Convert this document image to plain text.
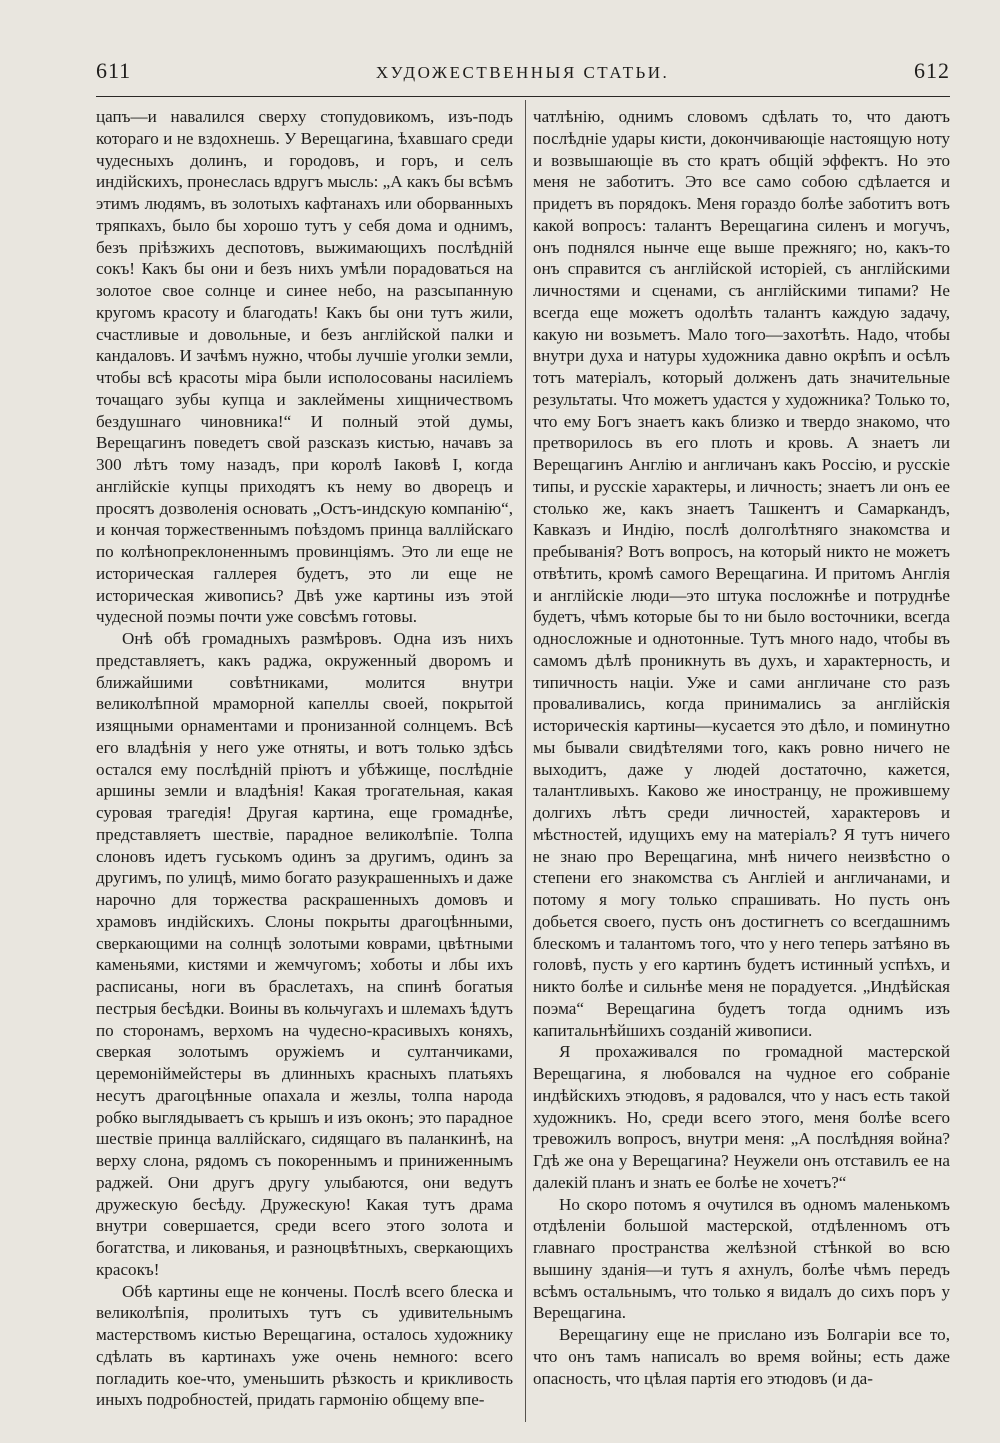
611	ХУДОЖЕСТВЕННЫЯ СТАТЬИ.	612

цапъ—и навалился сверху стопудовикомъ, изъ-подъ котораго и не вздохнешь. У Верещагина, ѣхавшаго среди чудесныхъ долинъ, и городовъ, и горъ, и селъ индійскихъ, пронеслась вдругъ мысль: „А какъ бы всѣмъ этимъ людямъ, въ золотыхъ кафтанахъ или оборванныхъ тряпкахъ, было бы хорошо тутъ у себя дома и однимъ, безъ прiѣзжихъ деспотовъ, выжимающихъ послѣднiй сокъ! Какъ бы они и безъ нихъ умѣли порадоваться на золотое свое солнце и синее небо, на разсыпанную кругомъ красоту и благодать! Какъ бы они тутъ жили, счастливые и довольные, и безъ англійской палки и кандаловъ. И зачѣмъ нужно, чтобы лучшіе уголки земли, чтобы всѣ красоты міра были исполосованы насиліемъ точащаго зубы купца и заклеймены хищничествомъ бездушнаго чиновника!“ И полный этой думы, Верещагинъ поведетъ свой разсказъ кистью, начавъ за 300 лѣтъ тому назадъ, при королѣ Іаковѣ I, когда англійскіе купцы приходятъ къ нему во дворецъ и просятъ дозволенія основать „Остъ-индскую компанію“, и кончая торжественнымъ поѣздомъ принца валлійскаго по колѣнопреклоненнымъ провинціямъ. Это ли еще не историческая галлерея будетъ, это ли еще не историческая живопись? Двѣ уже картины изъ этой чудесной поэмы почти уже совсѣмъ готовы.

Онѣ обѣ громадныхъ размѣровъ. Одна изъ нихъ представляетъ, какъ раджа, окруженный дворомъ и ближайшими совѣтниками, молится внутри великолѣпной мраморной капеллы своей, покрытой изящными орнаментами и пронизанной солнцемъ. Всѣ его владѣнія у него уже отняты, и вотъ только здѣсь остался ему послѣдній пріютъ и убѣжище, послѣдніе аршины земли и владѣнія! Какая трогательная, какая суровая трагедія! Другая картина, еще громаднѣе, представляетъ шествіе, парадное великолѣпіе. Толпа слоновъ идетъ гуськомъ одинъ за другимъ, одинъ за другимъ, по улицѣ, мимо богато разукрашенныхъ и даже нарочно для торжества раскрашенныхъ домовъ и храмовъ индійскихъ. Слоны покрыты драгоцѣнными, сверкающими на солнцѣ золотыми коврами, цвѣтными каменьями, кистями и жемчугомъ; хоботы и лбы ихъ расписаны, ноги въ браслетахъ, на спинѣ богатыя пестрыя бесѣдки. Воины въ кольчугахъ и шлемахъ ѣдутъ по сторонамъ, верхомъ на чудесно-красивыхъ коняхъ, сверкая золотымъ оружіемъ и султанчиками, церемоніймейстеры въ длинныхъ красныхъ платьяхъ несутъ драгоцѣнные опахала и жезлы, толпа народа робко выглядываетъ съ крышъ и изъ оконъ; это парадное шествіе принца валлійскаго, сидящаго въ паланкинѣ, на верху слона, рядомъ съ покореннымъ и приниженнымъ раджей. Они другъ другу улыбаются, они ведутъ дружескую бесѣду. Дружескую! Какая тутъ драма внутри совершается, среди всего этого золота и богатства, и ликованья, и разноцвѣтныхъ, сверкающихъ красокъ!

Обѣ картины еще не кончены. Послѣ всего блеска и великолѣпія, пролитыхъ тутъ съ удивительнымъ мастерствомъ кистью Верещагина, осталось художнику сдѣлать въ картинахъ уже очень немного: всего погладить кое-что, уменьшить рѣзкость и крикливость иныхъ подробностей, придать гармонію общему впе-

чатлѣнію, однимъ словомъ сдѣлать то, что даютъ послѣдніе удары кисти, докончивающіе настоящую ноту и возвышающіе въ сто кратъ общій эффектъ. Но это меня не заботитъ. Это все само собою сдѣлается и придетъ въ порядокъ. Меня гораздо болѣе заботитъ вотъ какой вопросъ: талантъ Верещагина силенъ и могучъ, онъ поднялся нынче еще выше прежняго; но, какъ-то онъ справится съ англійской исторіей, съ англійскими личностями и сценами, съ англійскими типами? Не всегда еще можетъ одолѣть талантъ каждую задачу, какую ни возьметъ. Мало того—захотѣть. Надо, чтобы внутри духа и натуры художника давно окрѣпъ и осѣлъ тотъ матеріалъ, который долженъ дать значительные результаты. Что можетъ удастся у художника? Только то, что ему Богъ знаетъ какъ близко и твердо знакомо, что претворилось въ его плоть и кровь. А знаетъ ли Верещагинъ Англію и англичанъ какъ Россію, и русскіе типы, и русскіе характеры, и личность; знаетъ ли онъ ее столько же, какъ знаетъ Ташкентъ и Самаркандъ, Кавказъ и Индію, послѣ долголѣтняго знакомства и пребыванія? Вотъ вопросъ, на который никто не можетъ отвѣтить, кромѣ самого Верещагина. И притомъ Англія и англійскіе люди—это штука посложнѣе и потруднѣе будетъ, чѣмъ которые бы то ни было восточники, всегда односложные и однотонные. Тутъ много надо, чтобы въ самомъ дѣлѣ проникнуть въ духъ, и характерность, и типичность націи. Уже и сами англичане сто разъ проваливались, когда принимались за англійскія историческія картины—кусается это дѣло, и поминутно мы бывали свидѣтелями того, какъ ровно ничего не выходитъ, даже у людей достаточно, кажется, талантливыхъ. Каково же иностранцу, не прожившему долгихъ лѣтъ среди личностей, характеровъ и мѣстностей, идущихъ ему на матеріалъ? Я тутъ ничего не знаю про Верещагина, мнѣ ничего неизвѣстно о степени его знакомства съ Англіей и англичанами, и потому я могу только спрашивать. Но пусть онъ добьется своего, пусть онъ достигнетъ со всегдашнимъ блескомъ и талантомъ того, что у него теперь затѣяно въ головѣ, пусть у его картинъ будетъ истинный успѣхъ, и никто болѣе и сильнѣе меня не порадуется. „Индѣйская поэма“ Верещагина будетъ тогда однимъ изъ капитальнѣйшихъ созданій живописи.

Я прохаживался по громадной мастерской Верещагина, я любовался на чудное его собраніе индѣйскихъ этюдовъ, я радовался, что у насъ есть такой художникъ. Но, среди всего этого, меня болѣе всего тревожилъ вопросъ, внутри меня: „А послѣдняя война? Гдѣ же она у Верещагина? Неужели онъ отставилъ ее на далекій планъ и знать ее болѣе не хочетъ?“

Но скоро потомъ я очутился въ одномъ маленькомъ отдѣленіи большой мастерской, отдѣленномъ отъ главнаго пространства желѣзной стѣнкой во всю вышину зданія—и тутъ я ахнулъ, болѣе чѣмъ передъ всѣмъ остальнымъ, что только я видалъ до сихъ поръ у Верещагина.

Верещагину еще не прислано изъ Болгаріи все то, что онъ тамъ написалъ во время войны; есть даже опасность, что цѣлая партія его этюдовъ (и да-
